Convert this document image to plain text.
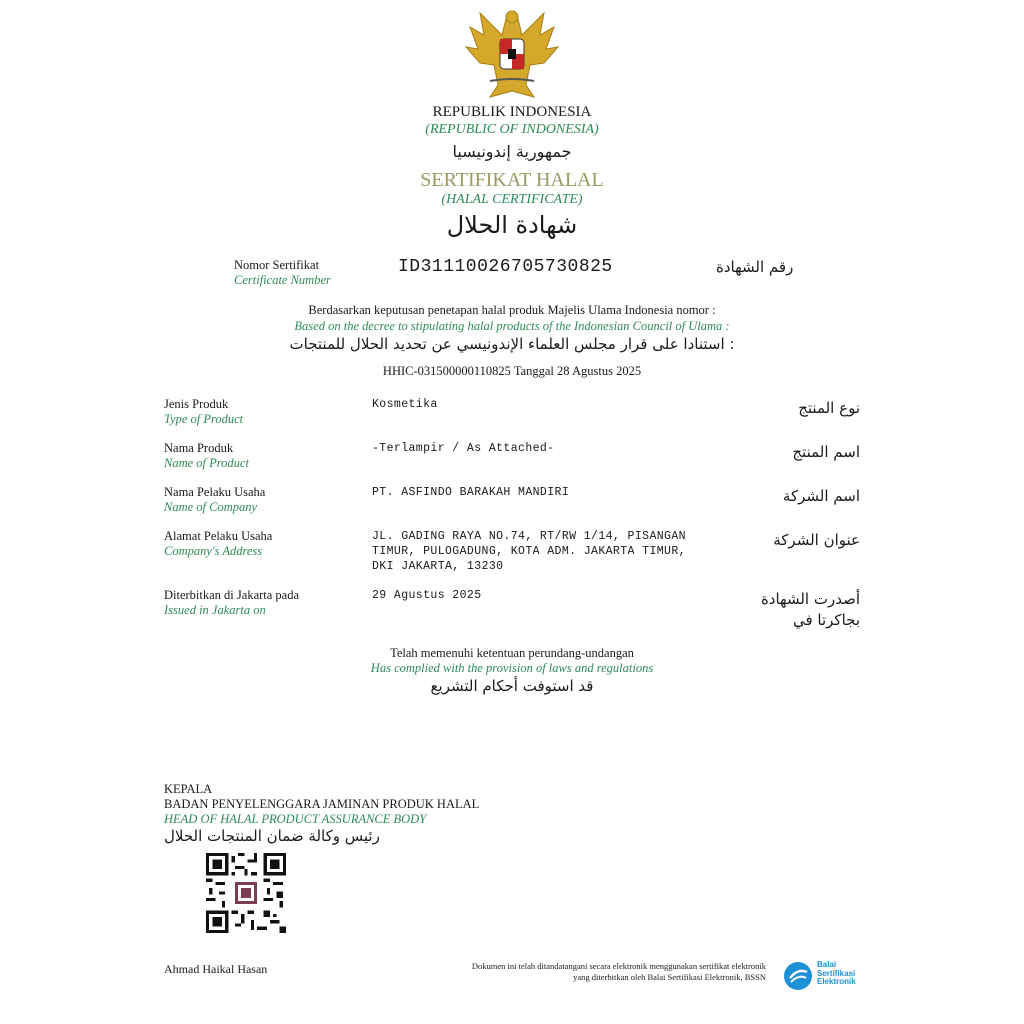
REPUBLIK INDONESIA
(REPUBLIC OF INDONESIA)
جمهورية إندونيسيا
SERTIFIKAT HALAL
(HALAL CERTIFICATE)
شهادة الحلال
Nomor Sertifikat
Certificate Number
ID31110026705730825	رقم الشهادة
Berdasarkan keputusan penetapan halal produk Majelis Ulama Indonesia nomor :
Based on the decree to stipulating halal products of the Indonesian Council of Ulama :
استنادا على قرار مجلس العلماء الإندونيسي عن تحديد الحلال للمنتجات :
HHIC-031500000110825 Tanggal 28 Agustus 2025
Jenis Produk
Type of Product
Kosmetika	نوع المنتج
Nama Produk
Name of Product
-Terlampir / As Attached-	اسم المنتج
Nama Pelaku Usaha
Name of Company
PT. ASFINDO BARAKAH MANDIRI	اسم الشركة
Alamat Pelaku Usaha
Company's Address
JL. GADING RAYA NO.74, RT/RW 1/14, PISANGAN
TIMUR, PULOGADUNG, KOTA ADM. JAKARTA TIMUR,
DKI JAKARTA, 13230
عنوان الشركة
Diterbitkan di Jakarta pada
Issued in Jakarta on
29 Agustus 2025	أصدرت الشهادة
بجاكرتا في
Telah memenuhi ketentuan perundang-undangan
Has complied with the provision of laws and regulations
قد استوفت أحكام التشريع
KEPALA
BADAN PENYELENGGARA JAMINAN PRODUK HALAL
HEAD OF HALAL PRODUCT ASSURANCE BODY
رئيس وكالة ضمان المنتجات الحلال
Ahmad Haikal Hasan	Dokumen ini telah ditandatangani secara elektronik menggunakan sertifikat elektronik
yang diterbitkan oleh Balai Sertifikasi Elektronik, BSSN
Balai
Sertifikasi
Elektronik
